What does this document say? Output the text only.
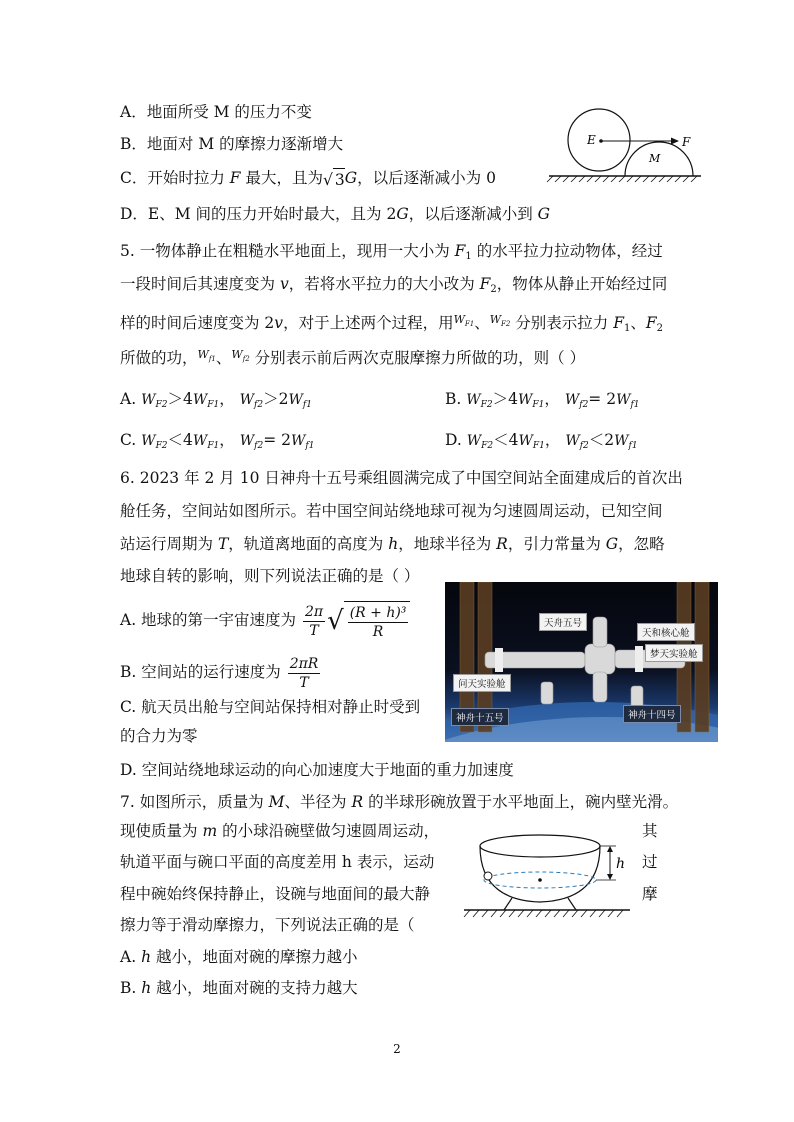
A．地面所受 M 的压力不变
B．地面对 M 的摩擦力逐渐增大
C．开始时拉力 F 最大，且为√ 3G，以后逐渐减小为 0
D．E、M 间的压力开始时最大，且为 2G，以后逐渐减小到 G
E
M
F
5. 一物体静止在粗糙水平地面上，现用一大小为 $F_1$ 的水平拉力拉动物体，经过
一段时间后其速度变为 v，若将水平拉力的大小改为 $F_2$，物体从静止开始经过同
样的时间后速度变为 2v，对于上述两个过程，用$^{W_{F1}}$、$^{W_{F2}}$ 分别表示拉力 $F_1$、$F_2$
所做的功，$^{W_{f1}}$、$^{W_{f2}}$ 分别表示前后两次克服摩擦力所做的功，则（ ）
A. $W_{F2}>4W_{F1}$， $W_{f2}>2W_{f1}$	B. $W_{F2}>4W_{F1}$， $W_{f2}= 2W_{f1}$
C. $W_{F2}<4W_{F1}$， $W_{f2}= 2W_{f1}$	D. $W_{F2}<4W_{F1}$， $W_{f2}<2W_{f1}$
6. 2023 年 2 月 10 日神舟十五号乘组圆满完成了中国空间站全面建成后的首次出
舱任务，空间站如图所示。若中国空间站绕地球可视为匀速圆周运动，已知空间
站运行周期为 T，轨道离地面的高度为 h，地球半径为 R，引力常量为 G，忽略
地球自转的影响，则下列说法正确的是（ ）
A. 地球的第一宇宙速度为 $\frac{2\pi}{T}$ √ $\frac{\text{(R + h)³}}{R}$
B. 空间站的运行速度为 $\frac{2\pi R}{T}$
C. 航天员出舱与空间站保持相对静止时受到
的合力为零
D. 空间站绕地球运动的向心加速度大于地面的重力加速度
天舟五号
天和核心舱
梦天实验舱
问天实验舱
神舟十五号	神舟十四号
7. 如图所示，质量为 M、半径为 R 的半球形碗放置于水平地面上，碗内壁光滑。
现使质量为 m 的小球沿碗壁做匀速圆周运动，	其
轨道平面与碗口平面的高度差用 h 表示，运动	过
程中碗始终保持静止，设碗与地面间的最大静	摩
擦力等于滑动摩擦力，下列说法正确的是（
A. h 越小，地面对碗的摩擦力越小
B. h 越小，地面对碗的支持力越大
h
2
